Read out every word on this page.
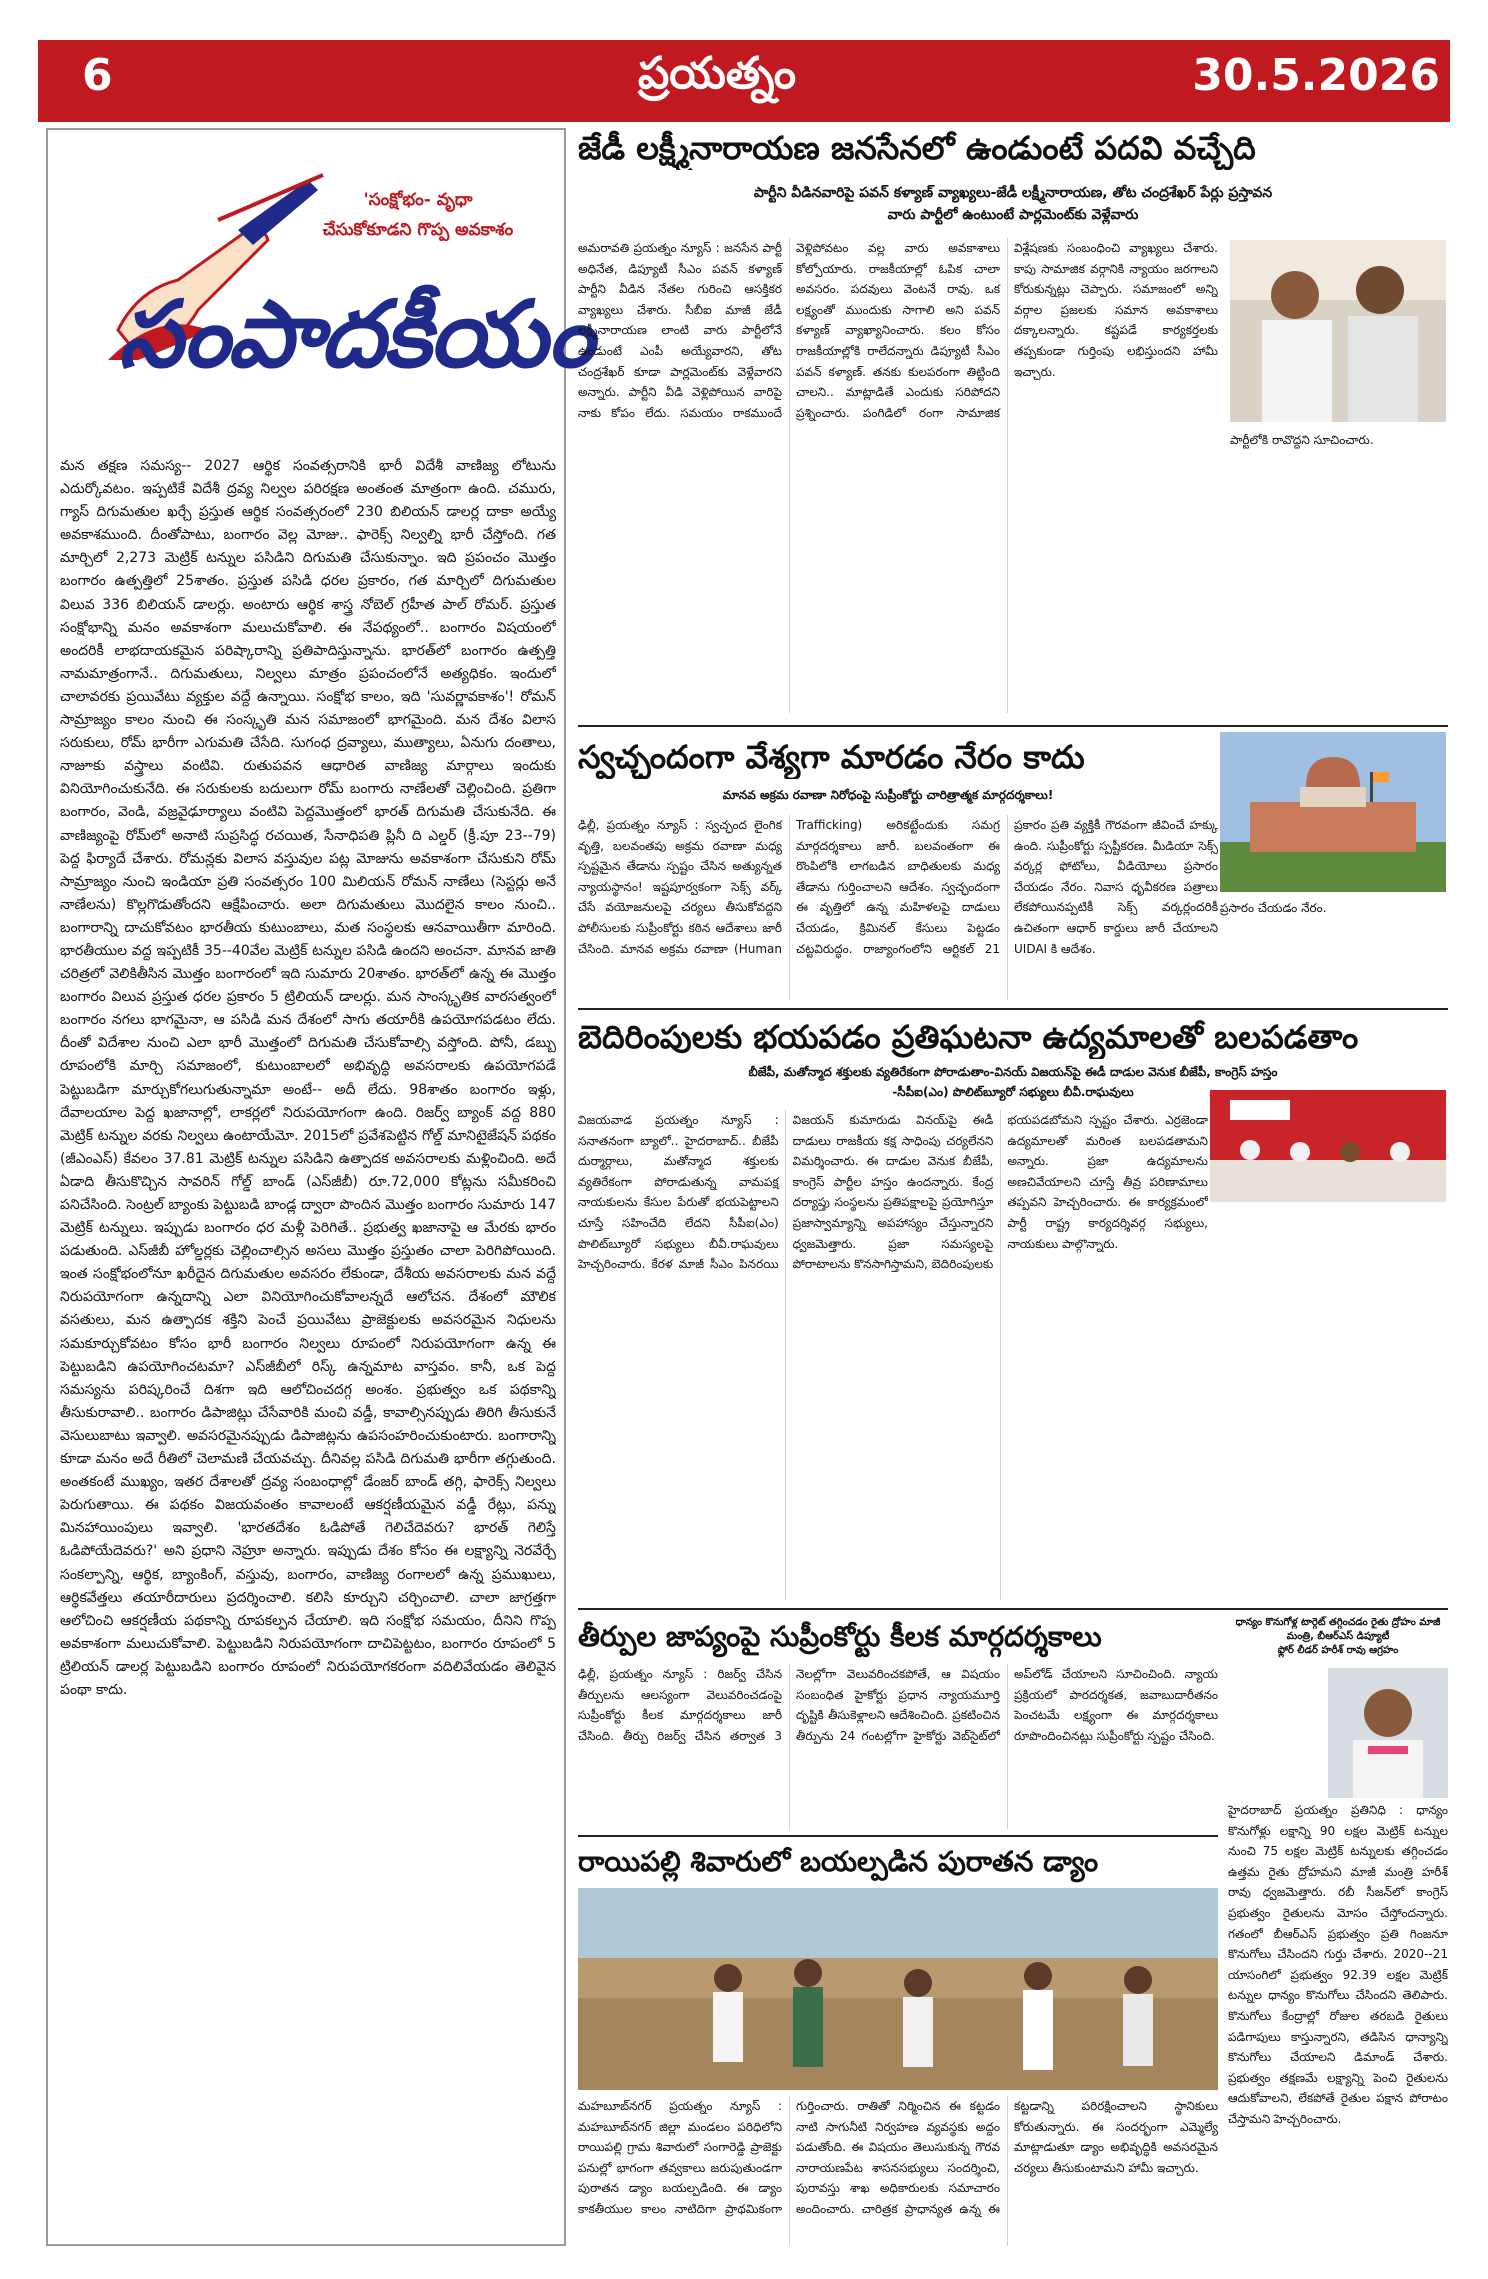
6	ప్రయత్నం	30.5.2026
'సంక్షోభం- వృధా
చేసుకోకూడని గొప్ప అవకాశం
సంపాదకీయం
మన తక్షణ సమస్య-- 2027 ఆర్థిక సంవత్సరానికి భారీ విదేశీ వాణిజ్య లోటును ఎదుర్కోవటం. ఇప్పటికే విదేశీ ద్రవ్య నిల్వల పరిరక్షణ అంతంత మాత్రంగా ఉంది. చమురు, గ్యాస్ దిగుమతుల ఖర్చే ప్రస్తుత ఆర్థిక సంవత్సరంలో 230 బిలియన్ డాలర్ల దాకా అయ్యే అవకాశముంది. దీంతోపాటు, బంగారం వెల్ల మోజు.. ఫారెక్స్ నిల్వల్ని భారీ చేస్తోంది. గత మార్చిలో 2,273 మెట్రిక్ టన్నుల పసిడిని దిగుమతి చేసుకున్నాం. ఇది ప్రపంచం మొత్తం బంగారం ఉత్పత్తిలో 25శాతం. ప్రస్తుత పసిడి ధరల ప్రకారం, గత మార్చిలో దిగుమతుల విలువ 336 బిలియన్ డాలర్లు. అంటారు ఆర్థిక శాస్త్ర నోబెల్ గ్రహీత పాల్ రోమర్. ప్రస్తుత సంక్షోభాన్ని మనం అవకాశంగా మలుచుకోవాలి. ఈ నేపథ్యంలో.. బంగారం విషయంలో అందరికీ లాభదాయకమైన పరిష్కారాన్ని ప్రతిపాదిస్తున్నాను. భారత్‌లో బంగారం ఉత్పత్తి నామమాత్రంగానే.. దిగుమతులు, నిల్వలు మాత్రం ప్రపంచంలోనే అత్యధికం. ఇందులో చాలావరకు ప్రయివేటు వ్యక్తుల వద్దే ఉన్నాయి. సంక్షోభ కాలం, ఇది 'సువర్ణావకాశం'! రోమన్ సామ్రాజ్యం కాలం నుంచి ఈ సంస్కృతి మన సమాజంలో భాగమైంది. మన దేశం విలాస సరుకులు, రోమ్ భారీగా ఎగుమతి చేసేది. సుగంధ ద్రవ్యాలు, ముత్యాలు, ఏనుగు దంతాలు, నాజూకు వస్త్రాలు వంటివి. రుతుపవన ఆధారిత వాణిజ్య మార్గాలు ఇందుకు వినియోగించుకునేది. ఈ సరుకులకు బదులుగా రోమ్ బంగారు నాణేలతో చెల్లించింది. ప్రతిగా బంగారం, వెండి, వజ్రవైఢూర్యాలు వంటివి పెద్దమొత్తంలో భారత్ దిగుమతి చేసుకునేది. ఈ వాణిజ్యంపై రోమ్‌లో అనాటి సుప్రసిద్ధ రచయిత, సేనాధిపతి ప్లినీ ది ఎల్డర్ (క్రీ.పూ 23--79) పెద్ద ఫిర్యాదే చేశారు. రోమన్లకు విలాస వస్తువుల పట్ల మోజును అవకాశంగా చేసుకుని రోమ్ సామ్రాజ్యం నుంచి ఇండియా ప్రతి సంవత్సరం 100 మిలియన్ రోమన్ నాణేలు (సెస్టర్లు అనే నాణేలను) కొల్లగొడుతోందని ఆక్షేపించారు. అలా దిగుమతులు మొదలైన కాలం నుంచి.. బంగారాన్ని దాచుకోవటం భారతీయ కుటుంబాలు, మత సంస్థలకు ఆనవాయితీగా మారింది. భారతీయుల వద్ద ఇప్పటికీ 35--40వేల మెట్రిక్ టన్నుల పసిడి ఉందని అంచనా. మానవ జాతి చరిత్రలో వెలికితీసిన మొత్తం బంగారంలో ఇది సుమారు 20శాతం. భారత్‌లో ఉన్న ఈ మొత్తం బంగారం విలువ ప్రస్తుత ధరల ప్రకారం 5 ట్రిలియన్ డాలర్లు. మన సాంస్కృతిక వారసత్వంలో బంగారం నగలు భాగమైనా, ఆ పసిడి మన దేశంలో సాగు తయారీకి ఉపయోగపడటం లేదు. దీంతో విదేశాల నుంచి ఎలా భారీ మొత్తంలో దిగుమతి చేసుకోవాల్సి వస్తోంది. పోనీ, డబ్బు రూపంలోకి మార్చి సమాజంలో, కుటుంబాలలో అభివృద్ధి అవసరాలకు ఉపయోగపడే పెట్టుబడిగా మార్చుకోగలుగుతున్నామా అంటే-- అదీ లేదు. 98శాతం బంగారం ఇళ్లు, దేవాలయాల పెద్ద ఖజానాల్లో, లాకర్లలో నిరుపయోగంగా ఉంది. రిజర్వ్ బ్యాంక్ వద్ద 880 మెట్రిక్ టన్నుల వరకు నిల్వలు ఉంటాయేమో. 2015లో ప్రవేశపెట్టిన గోల్డ్ మానిటైజేషన్ పథకం (జీఎంఎస్) కేవలం 37.81 మెట్రిక్ టన్నుల పసిడిని ఉత్పాదక అవసరాలకు మళ్లించింది. అదే ఏడాది తీసుకొచ్చిన సావరిన్ గోల్డ్ బాండ్ (ఎస్‌జీబీ) రూ.72,000 కోట్లను సమీకరించి పనిచేసింది. సెంట్రల్ బ్యాంకు పెట్టుబడి బాండ్ల ద్వారా పొందిన మొత్తం బంగారం సుమారు 147 మెట్రిక్ టన్నులు. ఇప్పుడు బంగారం ధర మళ్లీ పెరిగితే.. ప్రభుత్వ ఖజానాపై ఆ మేరకు భారం పడుతుంది. ఎస్‌జీబీ హోల్డర్లకు చెల్లించాల్సిన అసలు మొత్తం ప్రస్తుతం చాలా పెరిగిపోయింది. ఇంత సంక్షోభంలోనూ ఖరీదైన దిగుమతుల అవసరం లేకుండా, దేశీయ అవసరాలకు మన వద్దే నిరుపయోగంగా ఉన్నదాన్ని ఎలా వినియోగించుకోవాలన్నదే ఆలోచన. దేశంలో మౌలిక వసతులు, మన ఉత్పాదక శక్తిని పెంచే ప్రయివేటు ప్రాజెక్టులకు అవసరమైన నిధులను సమకూర్చుకోవటం కోసం భారీ బంగారం నిల్వలు రూపంలో నిరుపయోగంగా ఉన్న ఈ పెట్టుబడిని ఉపయోగించటమా? ఎస్‌జీబీలో రిస్క్ ఉన్నమాట వాస్తవం. కానీ, ఒక పెద్ద సమస్యను పరిష్కరించే దిశగా ఇది ఆలోచించదగ్గ అంశం. ప్రభుత్వం ఒక పథకాన్ని తీసుకురావాలి.. బంగారం డిపాజిట్లు చేసేవారికి మంచి వడ్డీ, కావాల్సినప్పుడు తిరిగి తీసుకునే వెసులుబాటు ఇవ్వాలి. అవసరమైనప్పుడు డిపాజిట్లను ఉపసంహరించుకుంటారు. బంగారాన్ని కూడా మనం అదే రీతిలో చెలామణి చేయవచ్చు. దీనివల్ల పసిడి దిగుమతి భారీగా తగ్గుతుంది. అంతకంటే ముఖ్యం, ఇతర దేశాలతో ద్రవ్య సంబంధాల్లో డేంజర్‌ బాండ్‌ తగ్గి, ఫారెక్స్ నిల్వలు పెరుగుతాయి. ఈ పథకం విజయవంతం కావాలంటే ఆకర్షణీయమైన వడ్డీ రేట్లు, పన్ను మినహాయింపులు ఇవ్వాలి. 'భారతదేశం ఓడిపోతే గెలిచేదెవరు? భారత్ గెలిస్తే ఓడిపోయేదెవరు?' అని ప్రధాని నెహ్రూ అన్నారు. ఇప్పుడు దేశం కోసం ఈ లక్ష్యాన్ని నెరవేర్చే సంకల్పాన్ని, ఆర్థిక, బ్యాంకింగ్, వస్తువు, బంగారం, వాణిజ్య రంగాలలో ఉన్న ప్రముఖులు, ఆర్థికవేత్తలు తయారీదారులు ప్రదర్శించాలి. కలిసి కూర్చుని చర్చించాలి. చాలా జాగ్రత్తగా ఆలోచించి ఆకర్షణీయ పథకాన్ని రూపకల్పన చేయాలి. ఇది సంక్షోభ సమయం, దీనిని గొప్ప అవకాశంగా మలుచుకోవాలి. పెట్టుబడిని నిరుపయోగంగా దాచిపెట్టటం, బంగారం రూపంలో 5 ట్రిలియన్ డాలర్ల పెట్టుబడిని బంగారం రూపంలో నిరుపయోగకరంగా వదిలివేయడం తెలివైన పంథా కాదు.
జేడీ లక్ష్మీనారాయణ జనసేనలో ఉండుంటే పదవి వచ్చేది
పార్టీని వీడినవారిపై పవన్ కళ్యాణ్ వ్యాఖ్యలు-జేడీ లక్ష్మీనారాయణ, తోట చంద్రశేఖర్ పేర్లు ప్రస్తావన
వారు పార్టీలో ఉంటుంటే పార్లమెంట్‌కు వెళ్లేవారు
అమరావతి ప్రయత్నం న్యూస్ : జనసేన పార్టీ అధినేత, డిప్యూటీ సీఎం పవన్ కళ్యాణ్ పార్టీని వీడిన నేతల గురించి ఆసక్తికర వ్యాఖ్యలు చేశారు. సీబీఐ మాజీ జేడీ లక్ష్మీనారాయణ లాంటి వారు పార్టీలోనే ఉండుంటే ఎంపీ అయ్యేవారని, తోట చంద్రశేఖర్ కూడా పార్లమెంట్‌కు వెళ్లేవారని అన్నారు. పార్టీని వీడి వెళ్లిపోయిన వారిపై నాకు కోపం లేదు. సమయం రాకముందే వెళ్లిపోవటం వల్ల వారు అవకాశాలు కోల్పోయారు. రాజకీయాల్లో ఓపిక చాలా అవసరం. పదవులు వెంటనే రావు. ఒక లక్ష్యంతో ముందుకు సాగాలి అని పవన్ కళ్యాణ్ వ్యాఖ్యానించారు. కలం కోసం రాజకీయాల్లోకి రాలేదన్నారు డిప్యూటీ సీఎం పవన్ కళ్యాణ్. తనకు కులపరంగా తిట్టింది చాలని.. మాట్లాడితే ఎందుకు సరిపోదని ప్రశ్నించారు. పంగిడిలో రంగా సామాజిక విశ్లేషణకు సంబంధించి వ్యాఖ్యలు చేశారు. కాపు సామాజిక వర్గానికి న్యాయం జరగాలని కోరుకున్నట్లు చెప్పారు. సమాజంలో అన్ని వర్గాల ప్రజలకు సమాన అవకాశాలు దక్కాలన్నారు. కష్టపడే కార్యకర్తలకు తప్పకుండా గుర్తింపు లభిస్తుందని హామీ ఇచ్చారు.
పార్టీలోకి రావొద్దని సూచించారు.
స్వచ్ఛందంగా వేశ్యగా మారడం నేరం కాదు
మానవ అక్రమ రవాణా నిరోధంపై సుప్రీంకోర్టు చారిత్రాత్మక మార్గదర్శకాలు!
ఢిల్లీ, ప్రయత్నం న్యూస్ : స్వచ్ఛంద లైంగిక వృత్తి, బలవంతపు అక్రమ రవాణా మధ్య స్పష్టమైన తేడాను స్పష్టం చేసిన అత్యున్నత న్యాయస్థానం! ఇష్టపూర్వకంగా సెక్స్ వర్క్ చేసే వయోజనులపై చర్యలు తీసుకోవద్దని పోలీసులకు సుప్రీంకోర్టు కఠిన ఆదేశాలు జారీ చేసింది. మానవ అక్రమ రవాణా (Human Trafficking) అరికట్టేందుకు సమగ్ర మార్గదర్శకాలు జారీ. బలవంతంగా ఈ రొంపిలోకి లాగబడిన బాధితులకు మధ్య తేడాను గుర్తించాలని ఆదేశం. స్వచ్ఛందంగా ఈ వృత్తిలో ఉన్న మహిళలపై దాడులు చేయడం, క్రిమినల్ కేసులు పెట్టడం చట్టవిరుద్ధం. రాజ్యాంగంలోని ఆర్టికల్ 21 ప్రకారం ప్రతి వ్యక్తికీ గౌరవంగా జీవించే హక్కు ఉంది. సుప్రీంకోర్టు స్పష్టీకరణ. మీడియా సెక్స్ వర్కర్ల ఫోటోలు, వీడియోలు ప్రసారం చేయడం నేరం. నివాస ధృవీకరణ పత్రాలు లేకపోయినప్పటికీ సెక్స్ వర్కర్లందరికీ ఉచితంగా ఆధార్ కార్డులు జారీ చేయాలని UIDAI కి ఆదేశం.
ప్రసారం చేయడం నేరం.
బెదిరింపులకు భయపడం ప్రతిఘటనా ఉద్యమాలతో బలపడతాం
బీజేపీ, మతోన్మాద శక్తులకు వ్యతిరేకంగా పోరాడుతాం-వినయ్ విజయన్‌పై ఈడీ దాడుల వెనుక బీజేపీ, కాంగ్రెస్ హస్తం
-సీపీఐ(ఎం) పొలిట్‌బ్యూరో సభ్యులు బీవీ.రాఘవులు
విజయవాడ ప్రయత్నం న్యూస్ : సనాతనంగా బ్యాలో.. హైదరాబాద్.. బీజేపీ దుర్మార్గాలు, మతోన్మాద శక్తులకు వ్యతిరేకంగా పోరాడుతున్న వామపక్ష నాయకులను కేసుల పేరుతో భయపెట్టాలని చూస్తే సహించేది లేదని సీపీఐ(ఎం) పొలిట్‌బ్యూరో సభ్యులు బీవీ.రాఘవులు హెచ్చరించారు. కేరళ మాజీ సీఎం పినరయి విజయన్ కుమారుడు వినయ్‌పై ఈడీ దాడులు రాజకీయ కక్ష సాధింపు చర్యలేనని విమర్శించారు. ఈ దాడుల వెనుక బీజేపీ, కాంగ్రెస్ పార్టీల హస్తం ఉందన్నారు. కేంద్ర దర్యాప్తు సంస్థలను ప్రతిపక్షాలపై ప్రయోగిస్తూ ప్రజాస్వామ్యాన్ని అపహాస్యం చేస్తున్నారని ధ్వజమెత్తారు. ప్రజా సమస్యలపై పోరాటాలను కొనసాగిస్తామని, బెదిరింపులకు భయపడబోమని స్పష్టం చేశారు. ఎర్రజెండా ఉద్యమాలతో మరింత బలపడతామని అన్నారు. ప్రజా ఉద్యమాలను అణచివేయాలని చూస్తే తీవ్ర పరిణామాలు తప్పవని హెచ్చరించారు. ఈ కార్యక్రమంలో పార్టీ రాష్ట్ర కార్యదర్శివర్గ సభ్యులు, నాయకులు పాల్గొన్నారు.
తీర్పుల జాప్యంపై సుప్రీంకోర్టు కీలక మార్గదర్శకాలు
ఢిల్లీ, ప్రయత్నం న్యూస్ : రిజర్వ్ చేసిన తీర్పులను ఆలస్యంగా వెలువరించడంపై సుప్రీంకోర్టు కీలక మార్గదర్శకాలు జారీ చేసింది. తీర్పు రిజర్వ్ చేసిన తర్వాత 3 నెలల్లోగా వెలువరించకపోతే, ఆ విషయం సంబంధిత హైకోర్టు ప్రధాన న్యాయమూర్తి దృష్టికి తీసుకెళ్లాలని ఆదేశించింది. ప్రకటించిన తీర్పును 24 గంటల్లోగా హైకోర్టు వెబ్‌సైట్‌లో అప్‌లోడ్ చేయాలని సూచించింది. న్యాయ ప్రక్రియలో పారదర్శకత, జవాబుదారీతనం పెంచటమే లక్ష్యంగా ఈ మార్గదర్శకాలు రూపొందించినట్లు సుప్రీంకోర్టు స్పష్టం చేసింది.
రాయిపల్లి శివారులో బయల్పడిన పురాతన డ్యాం
మహబూబ్‌నగర్ ప్రయత్నం న్యూస్ : మహబూబ్‌నగర్ జిల్లా మండలం పరిధిలోని రాయిపల్లి గ్రామ శివారులో సంగారెడ్డి ప్రాజెక్టు పనుల్లో భాగంగా తవ్వకాలు జరుపుతుండగా పురాతన డ్యాం బయల్పడింది. ఈ డ్యాం కాకతీయుల కాలం నాటిదిగా ప్రాథమికంగా గుర్తించారు. రాతితో నిర్మించిన ఈ కట్టడం నాటి సాగునీటి నిర్వహణ వ్యవస్థకు అద్దం పడుతోంది. ఈ విషయం తెలుసుకున్న గౌరవ నారాయణపేట శాసనసభ్యులు సందర్శించి, పురావస్తు శాఖ అధికారులకు సమాచారం అందించారు. చారిత్రక ప్రాధాన్యత ఉన్న ఈ కట్టడాన్ని పరిరక్షించాలని స్థానికులు కోరుతున్నారు. ఈ సందర్భంగా ఎమ్మెల్యే మాట్లాడుతూ డ్యాం అభివృద్ధికి అవసరమైన చర్యలు తీసుకుంటామని హామీ ఇచ్చారు.
ధాన్యం కొనుగోళ్ల టార్గెట్ తగ్గించడం రైతు ద్రోహం మాజీ మంత్రి, బీఆర్ఎస్ డిప్యూటీ
ఫ్లోర్ లీడర్ హరీశ్ రావు ఆగ్రహం
హైదరాబాద్ ప్రయత్నం ప్రతినిధి : ధాన్యం కొనుగోళ్లు లక్షాన్ని 90 లక్షల మెట్రిక్ టన్నుల నుంచి 75 లక్షల మెట్రిక్ టన్నులకు తగ్గించడం ఉత్తమ రైతు ద్రోహమని మాజీ మంత్రి హరీశ్ రావు ధ్వజమెత్తారు. రబీ సీజన్‌లో కాంగ్రెస్ ప్రభుత్వం రైతులను మోసం చేస్తోందన్నారు. గతంలో బీఆర్ఎస్ ప్రభుత్వం ప్రతి గింజనూ కొనుగోలు చేసిందని గుర్తు చేశారు. 2020--21 యాసంగిలో ప్రభుత్వం 92.39 లక్షల మెట్రిక్ టన్నుల ధాన్యం కొనుగోలు చేసిందని తెలిపారు. కొనుగోలు కేంద్రాల్లో రోజుల తరబడి రైతులు పడిగాపులు కాస్తున్నారని, తడిసిన ధాన్యాన్ని కొనుగోలు చేయాలని డిమాండ్ చేశారు. ప్రభుత్వం తక్షణమే లక్ష్యాన్ని పెంచి రైతులను ఆదుకోవాలని, లేకపోతే రైతుల పక్షాన పోరాటం చేస్తామని హెచ్చరించారు.
